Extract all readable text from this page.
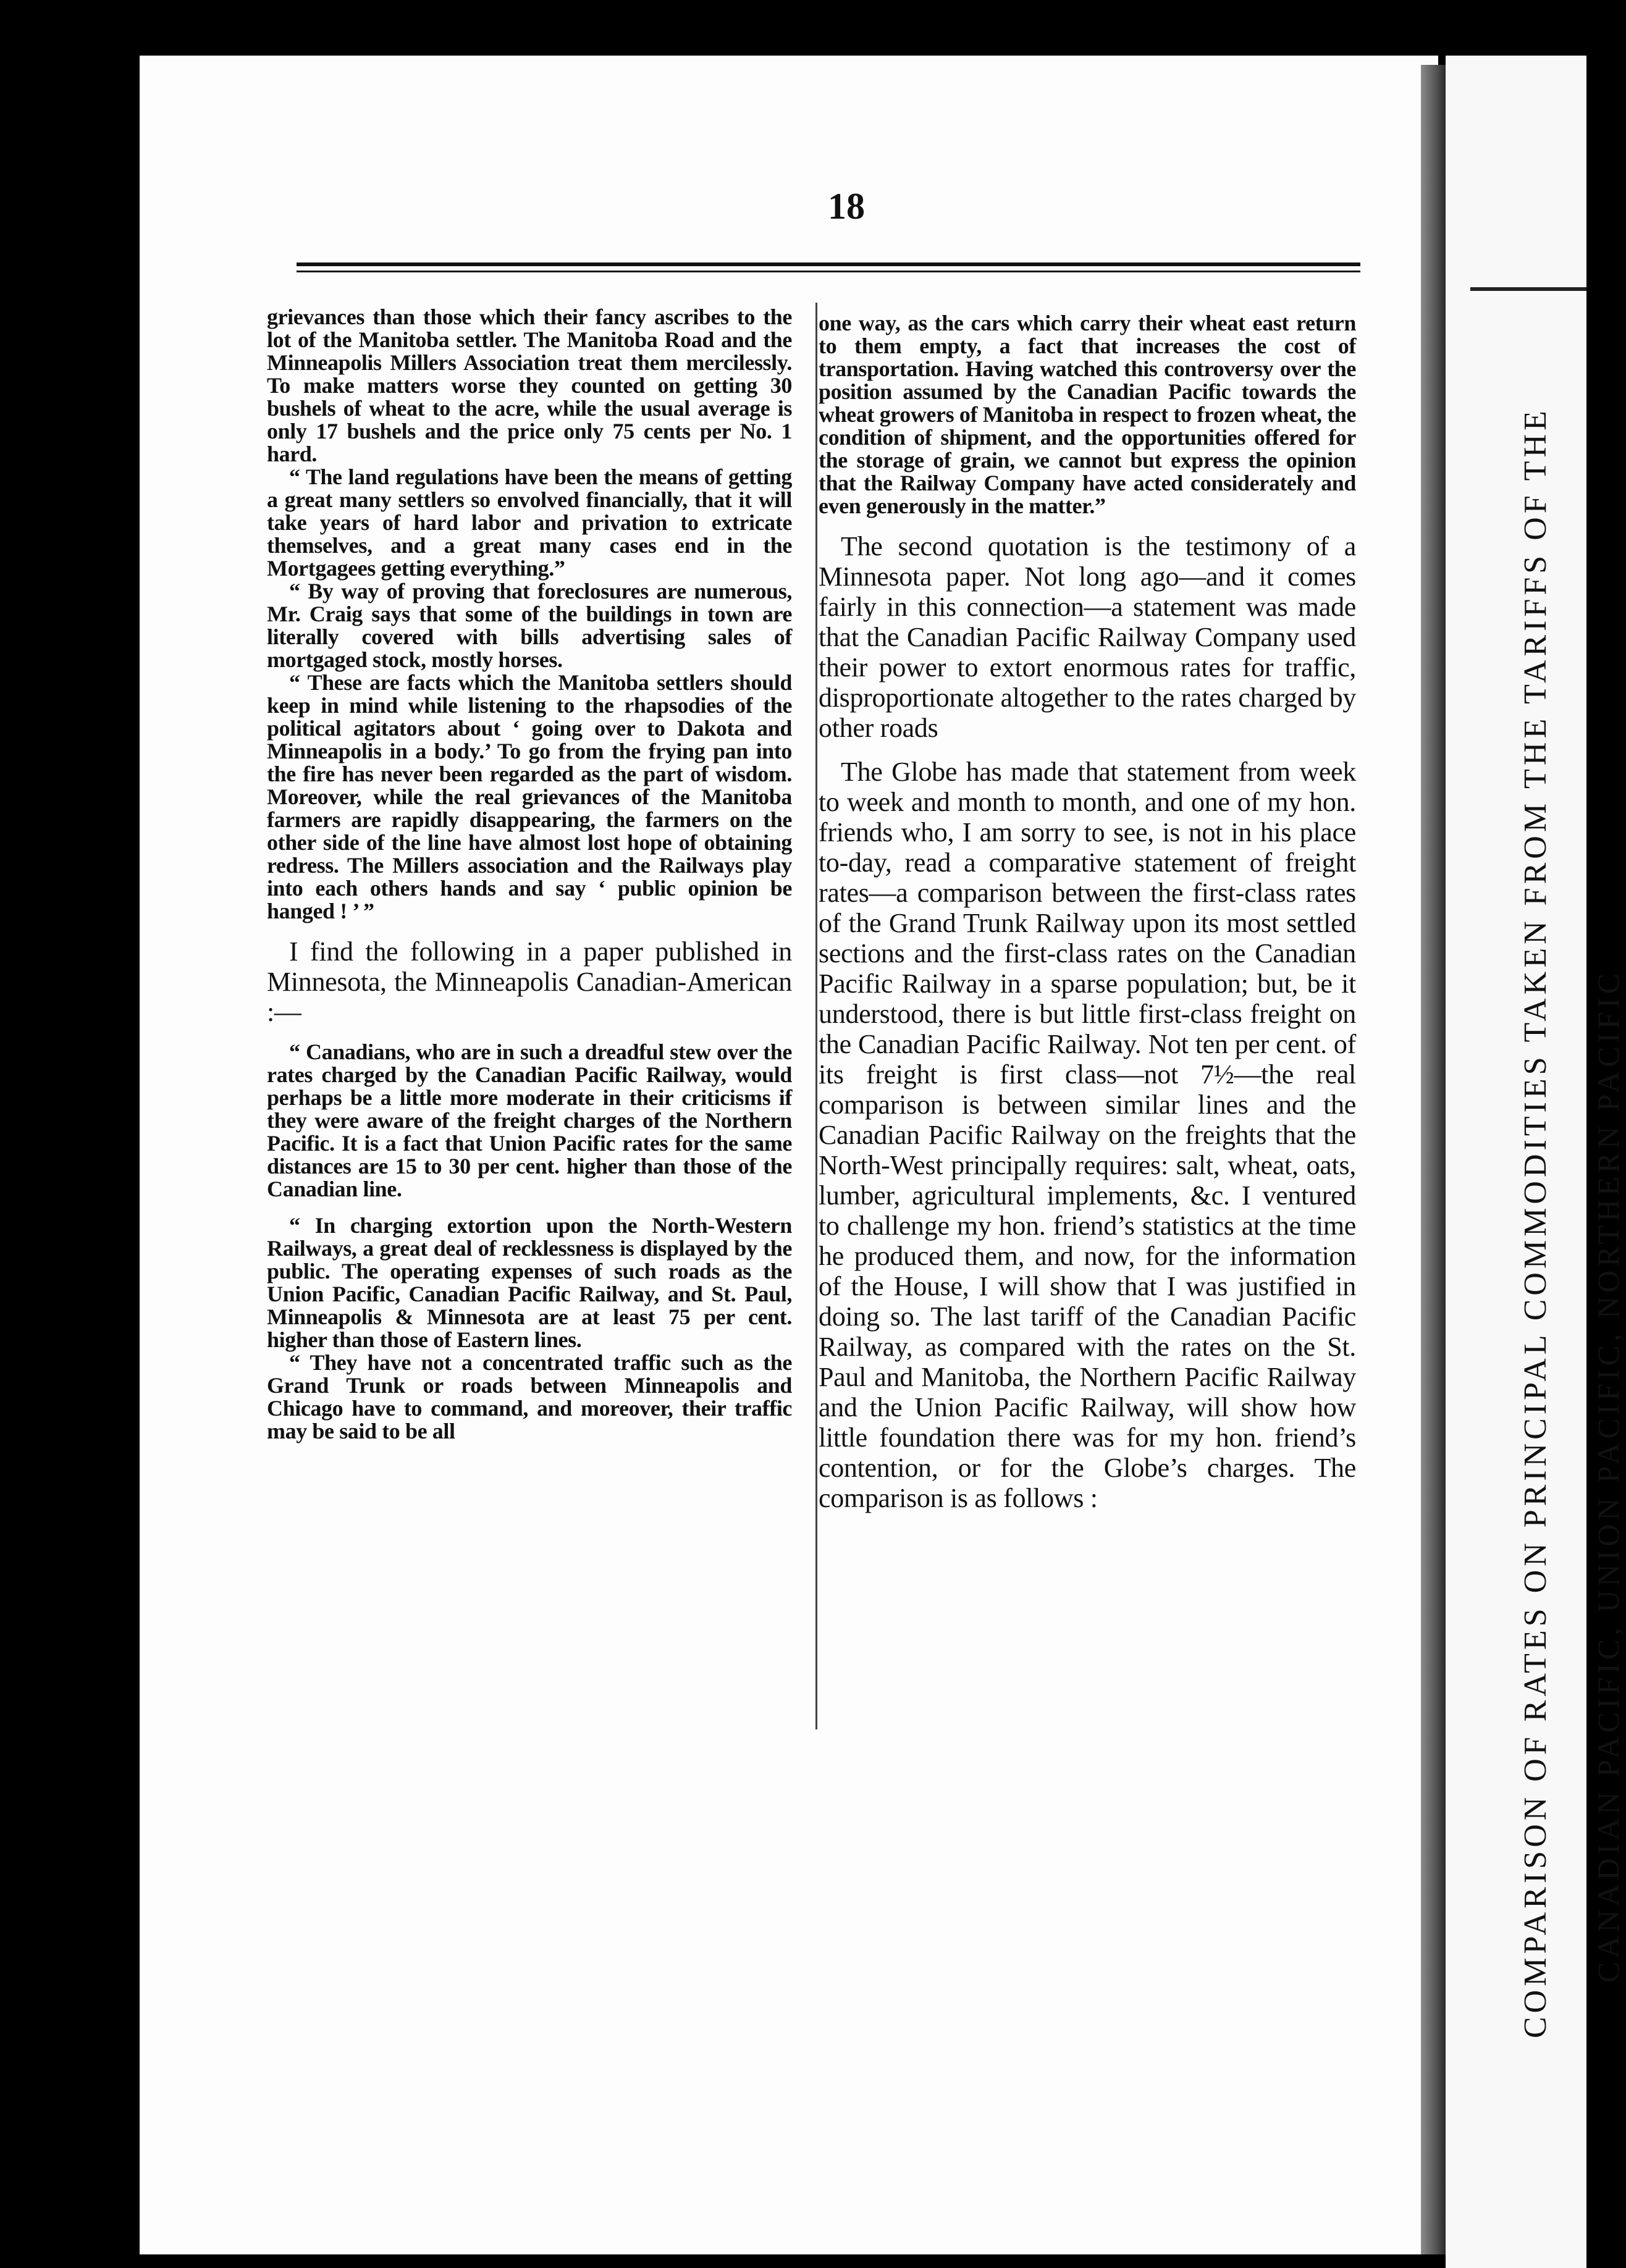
COMPARISON OF RATES ON PRINCIPAL COMMODITIES TAKEN FROM THE TARIFFS OF THE CANADIAN PACIFIC, UNION PACIFIC, NORTHERN PACIFIC
18

grievances than those which their fancy ascribes to the lot of the Manitoba settler. The Manitoba Road and the Minneapolis Millers Association treat them mercilessly. To make matters worse they counted on getting 30 bushels of wheat to the acre, while the usual average is only 17 bushels and the price only 75 cents per No. 1 hard.

“ The land regulations have been the means of getting a great many settlers so envolved financially, that it will take years of hard labor and privation to extricate themselves, and a great many cases end in the Mortgagees getting everything.”

“ By way of proving that foreclosures are numerous, Mr. Craig says that some of the buildings in town are literally covered with bills advertising sales of mortgaged stock, mostly horses.

“ These are facts which the Manitoba settlers should keep in mind while listening to the rhapsodies of the political agitators about ‘ going over to Dakota and Minneapolis in a body.’ To go from the frying pan into the fire has never been regarded as the part of wisdom. Moreover, while the real grievances of the Manitoba farmers are rapidly disappearing, the farmers on the other side of the line have almost lost hope of obtaining redress. The Millers association and the Railways play into each others hands and say ‘ public opinion be hanged ! ’ ”

I find the following in a paper published in Minnesota, the Minneapolis Canadian-American :—

“ Canadians, who are in such a dreadful stew over the rates charged by the Canadian Pacific Railway, would perhaps be a little more moderate in their criticisms if they were aware of the freight charges of the Northern Pacific. It is a fact that Union Pacific rates for the same distances are 15 to 30 per cent. higher than those of the Canadian line.

“ In charging extortion upon the North-Western Railways, a great deal of recklessness is displayed by the public. The operating expenses of such roads as the Union Pacific, Canadian Pacific Railway, and St. Paul, Minneapolis & Minnesota are at least 75 per cent. higher than those of Eastern lines.

“ They have not a concentrated traffic such as the Grand Trunk or roads between Minneapolis and Chicago have to command, and moreover, their traffic may be said to be all

one way, as the cars which carry their wheat east return to them empty, a fact that increases the cost of transportation. Having watched this controversy over the position assumed by the Canadian Pacific towards the wheat growers of Manitoba in respect to frozen wheat, the condition of shipment, and the opportunities offered for the storage of grain, we cannot but express the opinion that the Railway Company have acted considerately and even generously in the matter.”

The second quotation is the testimony of a Minnesota paper. Not long ago—and it comes fairly in this connection—a statement was made that the Canadian Pacific Railway Company used their power to extort enormous rates for traffic, disproportionate altogether to the rates charged by other roads

The Globe has made that statement from week to week and month to month, and one of my hon. friends who, I am sorry to see, is not in his place to-day, read a comparative statement of freight rates—a comparison between the first-class rates of the Grand Trunk Railway upon its most settled sections and the first-class rates on the Canadian Pacific Railway in a sparse population; but, be it understood, there is but little first-class freight on the Canadian Pacific Railway. Not ten per cent. of its freight is first class—not 7½—the real comparison is between similar lines and the Canadian Pacific Railway on the freights that the North-West principally requires: salt, wheat, oats, lumber, agricultural implements, &c. I ventured to challenge my hon. friend’s statistics at the time he produced them, and now, for the information of the House, I will show that I was justified in doing so. The last tariff of the Canadian Pacific Railway, as compared with the rates on the St. Paul and Manitoba, the Northern Pacific Railway and the Union Pacific Railway, will show how little foundation there was for my hon. friend’s contention, or for the Globe’s charges. The comparison is as follows :
